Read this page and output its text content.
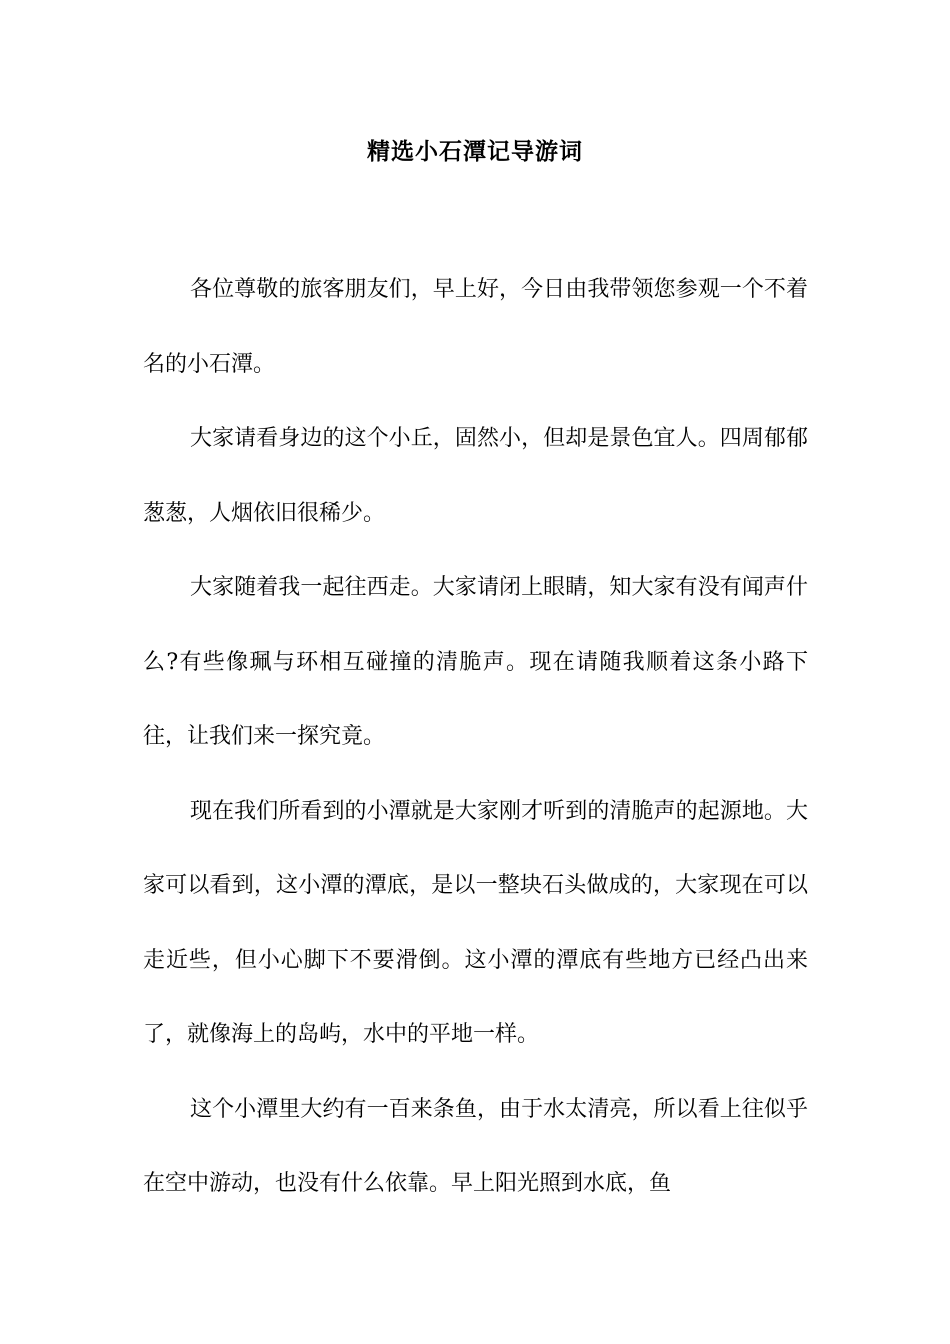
精选小石潭记导游词

各位尊敬的旅客朋友们，早上好，今日由我带领您参观一个不着名的小石潭。

大家请看身边的这个小丘，固然小，但却是景色宜人。四周郁郁葱葱，人烟依旧很稀少。

大家随着我一起往西走。大家请闭上眼睛，知大家有没有闻声什么?有些像珮与环相互碰撞的清脆声。现在请随我顺着这条小路下往，让我们来一探究竟。

现在我们所看到的小潭就是大家刚才听到的清脆声的起源地。大家可以看到，这小潭的潭底，是以一整块石头做成的，大家现在可以走近些，但小心脚下不要滑倒。这小潭的潭底有些地方已经凸出来了，就像海上的岛屿，水中的平地一样。

这个小潭里大约有一百来条鱼，由于水太清亮，所以看上往似乎在空中游动，也没有什么依靠。早上阳光照到水底，鱼
